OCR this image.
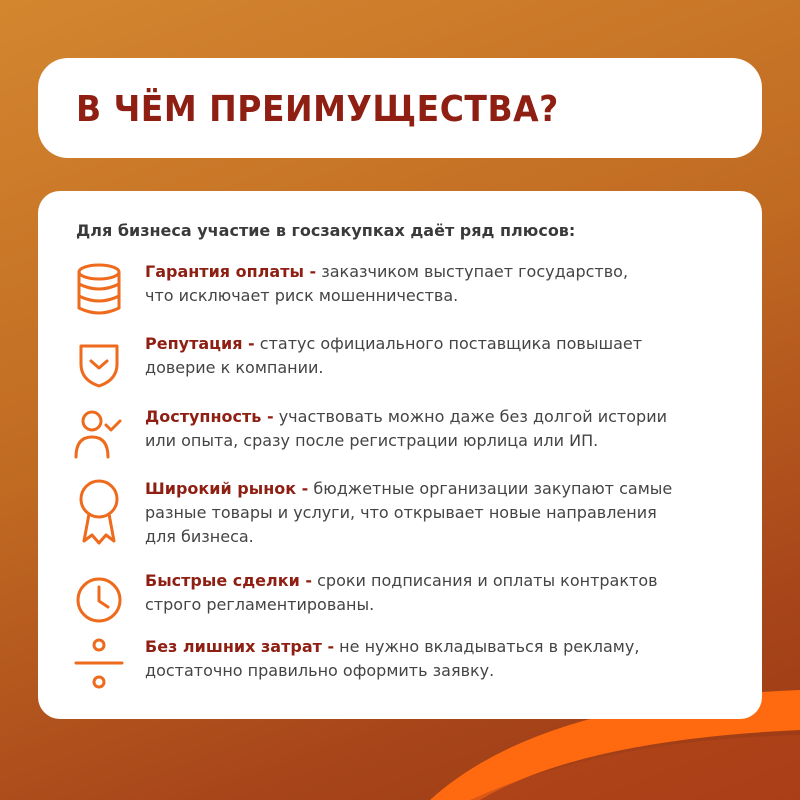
В ЧЁМ ПРЕИМУЩЕСТВА?

Для бизнеса участие в госзакупках даёт ряд плюсов:

Гарантия оплаты - заказчиком выступает государство,
что исключает риск мошенничества.
Репутация - статус официального поставщика повышает
доверие к компании.
Доступность - участвовать можно даже без долгой истории
или опыта, сразу после регистрации юрлица или ИП.
Широкий рынок - бюджетные организации закупают самые
разные товары и услуги, что открывает новые направления
для бизнеса.
Быстрые сделки - сроки подписания и оплаты контрактов
строго регламентированы.
Без лишних затрат - не нужно вкладываться в рекламу,
достаточно правильно оформить заявку.
